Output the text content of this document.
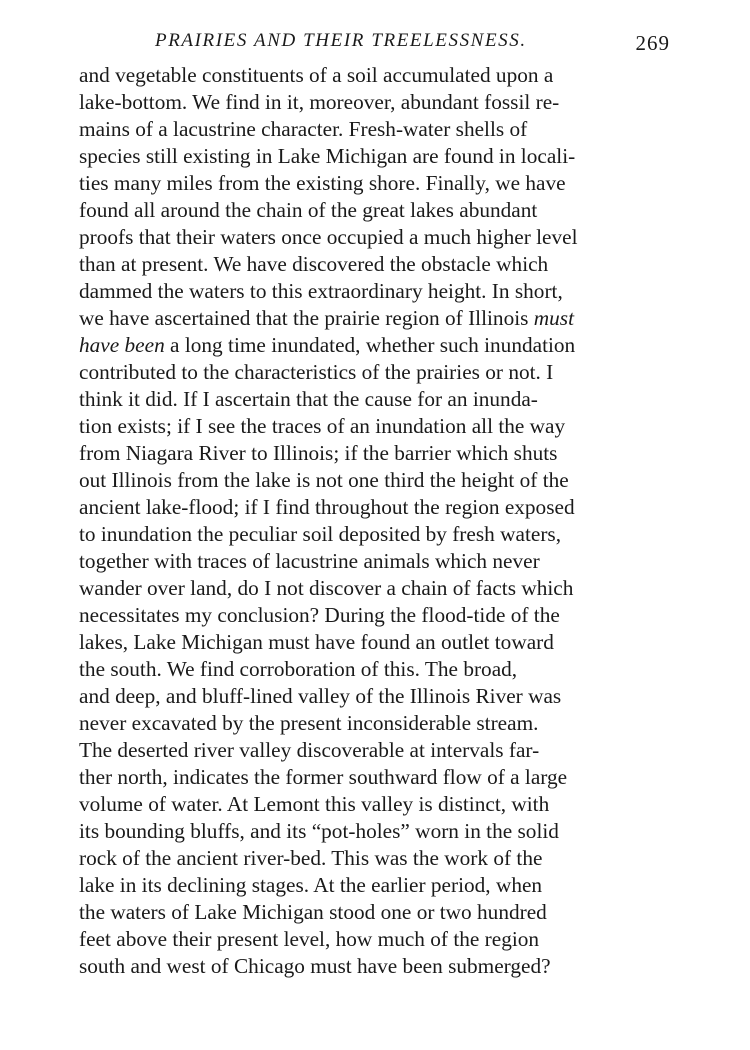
PRAIRIES AND THEIR TREELESSNESS.	269
and vegetable constituents of a soil accumulated upon a
lake-bottom. We find in it, moreover, abundant fossil re-
mains of a lacustrine character. Fresh-water shells of
species still existing in Lake Michigan are found in locali-
ties many miles from the existing shore. Finally, we have
found all around the chain of the great lakes abundant
proofs that their waters once occupied a much higher level
than at present. We have discovered the obstacle which
dammed the waters to this extraordinary height. In short,
we have ascertained that the prairie region of Illinois must
have been a long time inundated, whether such inundation
contributed to the characteristics of the prairies or not. I
think it did. If I ascertain that the cause for an inunda-
tion exists; if I see the traces of an inundation all the way
from Niagara River to Illinois; if the barrier which shuts
out Illinois from the lake is not one third the height of the
ancient lake-flood; if I find throughout the region exposed
to inundation the peculiar soil deposited by fresh waters,
together with traces of lacustrine animals which never
wander over land, do I not discover a chain of facts which
necessitates my conclusion? During the flood-tide of the
lakes, Lake Michigan must have found an outlet toward
the south. We find corroboration of this. The broad,
and deep, and bluff-lined valley of the Illinois River was
never excavated by the present inconsiderable stream.
The deserted river valley discoverable at intervals far-
ther north, indicates the former southward flow of a large
volume of water. At Lemont this valley is distinct, with
its bounding bluffs, and its “pot-holes” worn in the solid
rock of the ancient river-bed. This was the work of the
lake in its declining stages. At the earlier period, when
the waters of Lake Michigan stood one or two hundred
feet above their present level, how much of the region
south and west of Chicago must have been submerged?
